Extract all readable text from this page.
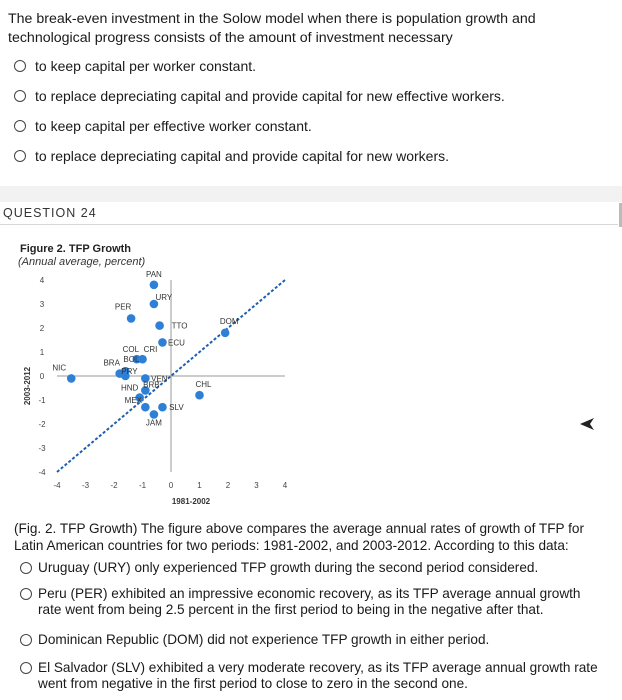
The break-even investment in the Solow model when there is population growth and technological progress consists of the amount of investment necessary
to keep capital per worker constant.
to replace depreciating capital and provide capital for new effective workers.
to keep capital per effective worker constant.
to replace depreciating capital and provide capital for new workers.
QUESTION 24
Figure 2. TFP Growth
(Annual average, percent)
4
3
2
1
0
-1
-2
-3
-4
-4	-3	-2	-1	0	1	2	3	4
1981-2002
2003-2012
PAN
URY
PER
TTO
ECU
DOM
COL CRI
BRA BOL
PRY
NIC
VEN
CHL
HND BRB
MEX
SLV
JAM
(Fig. 2. TFP Growth) The figure above compares the average annual rates of growth of TFP for Latin American countries for two periods: 1981-2002, and 2003-2012. According to this data:
Uruguay (URY) only experienced TFP growth during the second period considered.
Peru (PER) exhibited an impressive economic recovery, as its TFP average annual growth rate went from being 2.5 percent in the first period to being in the negative after that.
Dominican Republic (DOM) did not experience TFP growth in either period.
El Salvador (SLV) exhibited a very moderate recovery, as its TFP average annual growth rate went from negative in the first period to close to zero in the second one.
